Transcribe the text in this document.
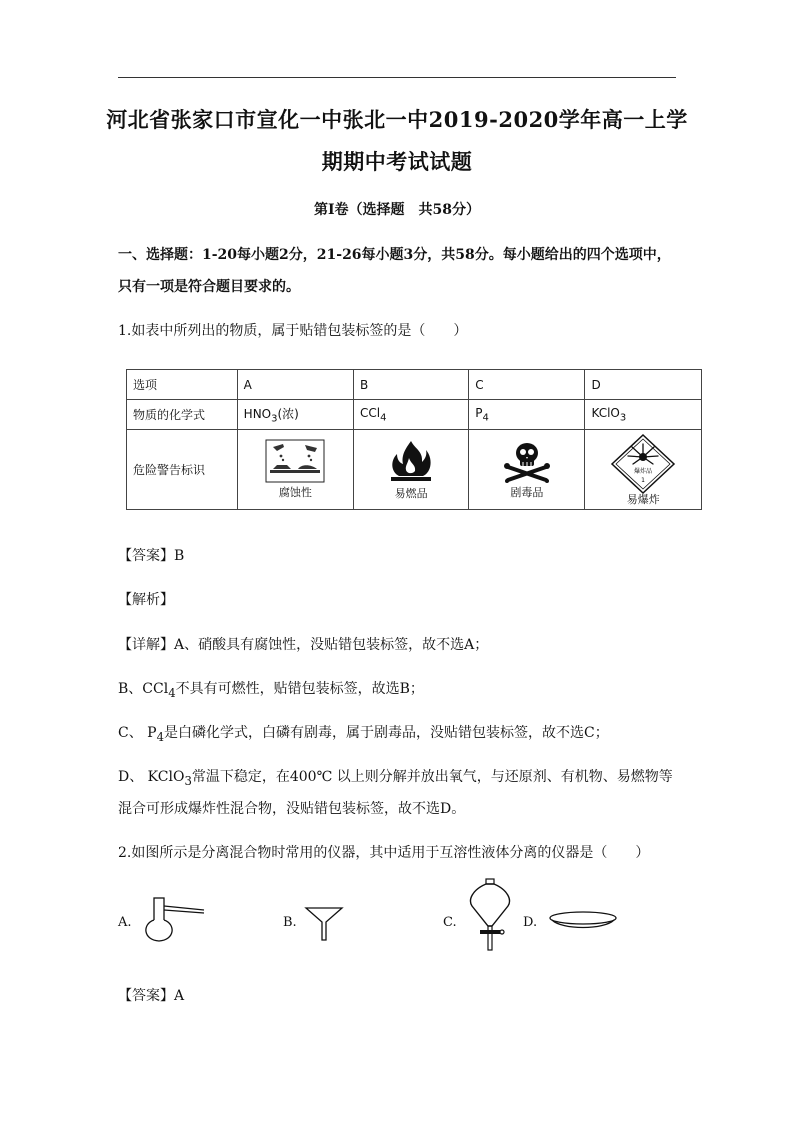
河北省张家口市宣化一中张北一中2019-2020学年高一上学
期期中考试试题
第I卷（选择题　共58分）
一、选择题：1-20每小题2分，21-26每小题3分，共58分。每小题给出的四个选项中，
只有一项是符合题目要求的。
1.如表中所列出的物质，属于贴错包装标签的是（　　）
选项	A	B	C	D
物质的化学式	$HNO_3$(浓)	CCl$_4$	$P_4$	KClO$_3$
危险警告标识	腐蚀性	易燃品	剧毒品	爆炸品
1
易爆炸
【答案】B
【解析】
【详解】A、硝酸具有腐蚀性，没贴错包装标签，故不选A；
B、CCl$_4$不具有可燃性，贴错包装标签，故选B；
C、 $P_4$是白磷化学式，白磷有剧毒，属于剧毒品，没贴错包装标签，故不选C；
D、 KClO$_3$常温下稳定，在400℃ 以上则分解并放出氧气，与还原剂、有机物、易燃物等
混合可形成爆炸性混合物，没贴错包装标签，故不选D。
2.如图所示是分离混合物时常用的仪器，其中适用于互溶性液体分离的仪器是（　　）
A.	B.	C.	D.
【答案】A
